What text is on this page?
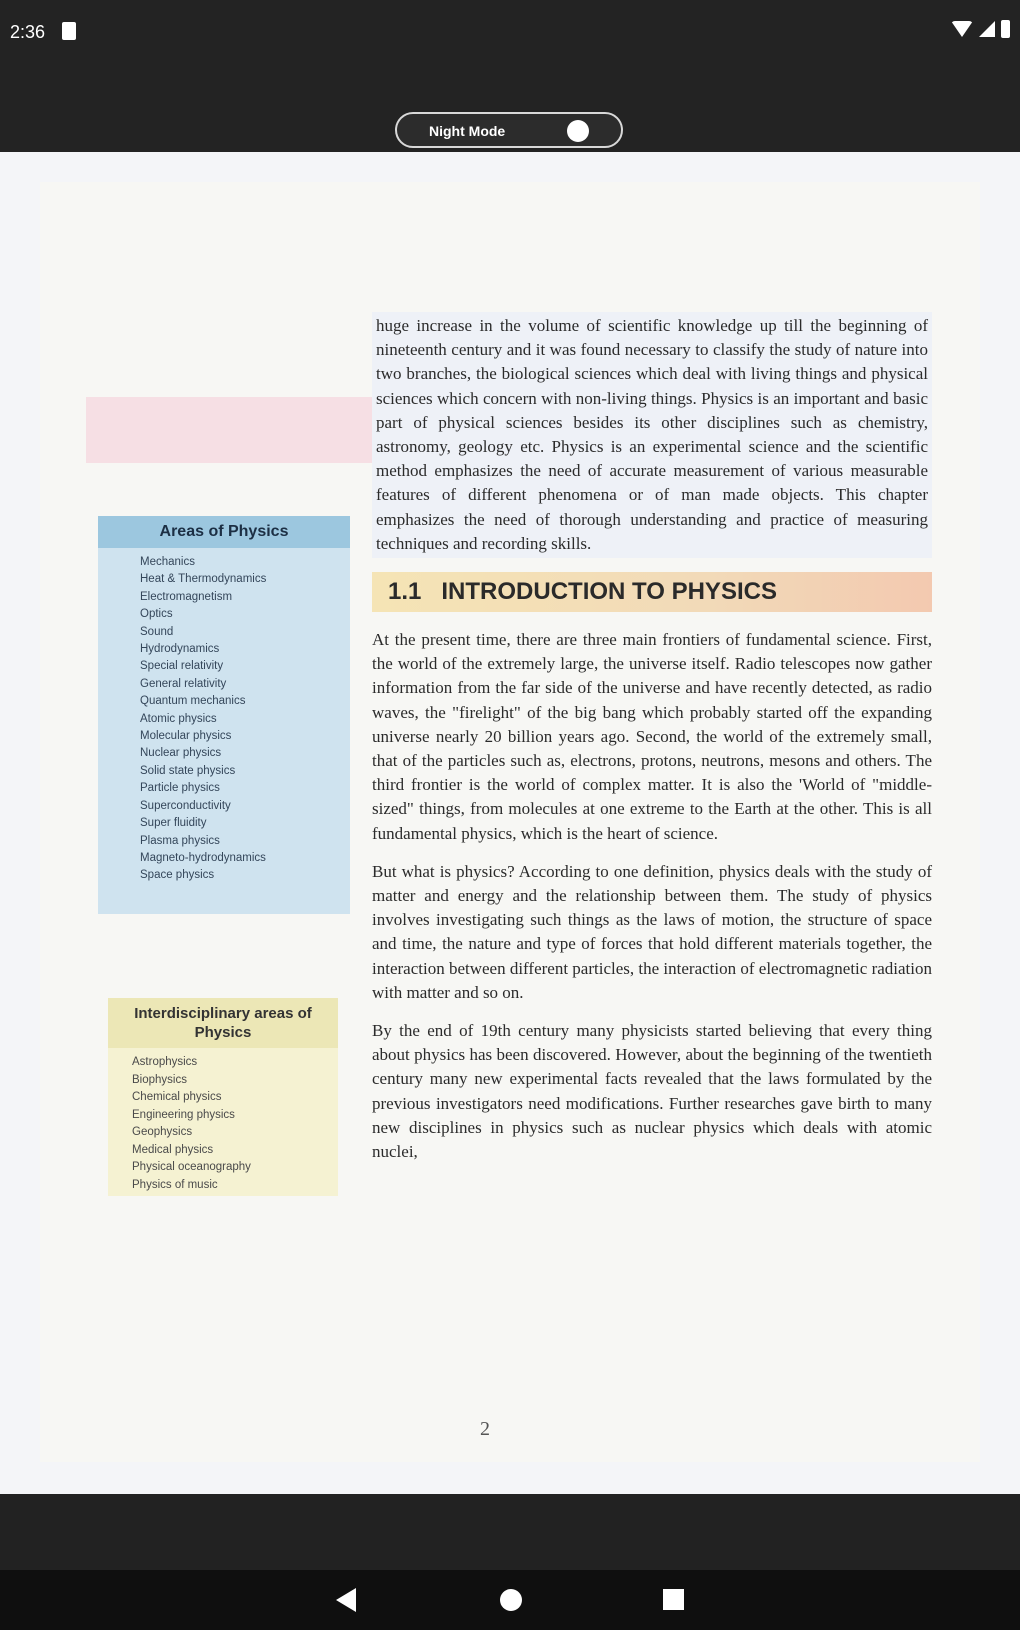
2:36
Night Mode
Areas of Physics
Mechanics
Heat & Thermodynamics
Electromagnetism
Optics
Sound
Hydrodynamics
Special relativity
General relativity
Quantum mechanics
Atomic physics
Molecular physics
Nuclear physics
Solid state physics
Particle physics
Superconductivity
Super fluidity
Plasma physics
Magneto-hydrodynamics
Space physics
Interdisciplinary areas of Physics
Astrophysics
Biophysics
Chemical physics
Engineering physics
Geophysics
Medical physics
Physical oceanography
Physics of music

huge increase in the volume of scientific knowledge up till the beginning of nineteenth century and it was found necessary to classify the study of nature into two branches, the biological sciences which deal with living things and physical sciences which concern with non-living things. Physics is an important and basic part of physical sciences besides its other disciplines such as chemistry, astronomy, geology etc. Physics is an experimental science and the scientific method emphasizes the need of accurate measurement of various measurable features of different phenomena or of man made objects. This chapter emphasizes the need of thorough understanding and practice of measuring techniques and recording skills.

1.1 INTRODUCTION TO PHYSICS

At the present time, there are three main frontiers of fundamental science. First, the world of the extremely large, the universe itself. Radio telescopes now gather information from the far side of the universe and have recently detected, as radio waves, the "firelight" of the big bang which probably started off the expanding universe nearly 20 billion years ago. Second, the world of the extremely small, that of the particles such as, electrons, protons, neutrons, mesons and others. The third frontier is the world of complex matter. It is also the 'World of "middle-sized" things, from molecules at one extreme to the Earth at the other. This is all fundamental physics, which is the heart of science.

But what is physics? According to one definition, physics deals with the study of matter and energy and the relationship between them. The study of physics involves investigating such things as the laws of motion, the structure of space and time, the nature and type of forces that hold different materials together, the interaction between different particles, the interaction of electromagnetic radiation with matter and so on.

By the end of 19th century many physicists started believing that every thing about physics has been discovered. However, about the beginning of the twentieth century many new experimental facts revealed that the laws formulated by the previous investigators need modifications. Further researches gave birth to many new disciplines in physics such as nuclear physics which deals with atomic nuclei,

2
